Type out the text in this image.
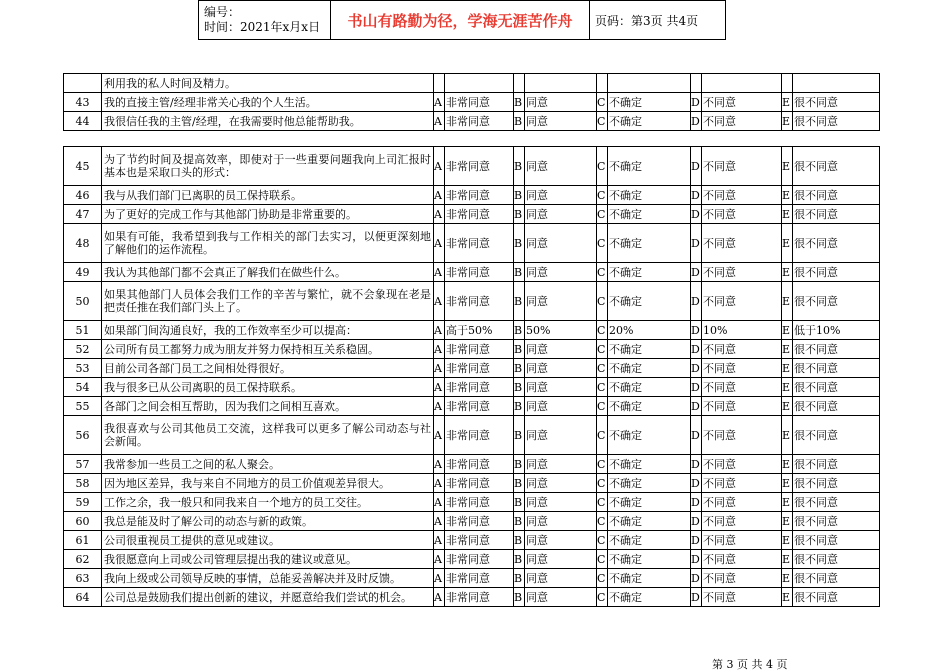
编号：
时间：2021年x月x日	书山有路勤为径，学海无涯苦作舟	页码：第3页 共4页
	利用我的私人时间及精力。										
43	我的直接主管/经理非常关心我的个人生活。	A	非常同意	B	同意	C	不确定	D	不同意	E	很不同意
44	我很信任我的主管/经理，在我需要时他总能帮助我。	A	非常同意	B	同意	C	不确定	D	不同意	E	很不同意
45	为了节约时间及提高效率，即使对于一些重要问题我向上司汇报时基本也是采取口头的形式：	A	非常同意	B	同意	C	不确定	D	不同意	E	很不同意
46	我与从我们部门已离职的员工保持联系。	A	非常同意	B	同意	C	不确定	D	不同意	E	很不同意
47	为了更好的完成工作与其他部门协助是非常重要的。	A	非常同意	B	同意	C	不确定	D	不同意	E	很不同意
48	如果有可能，我希望到我与工作相关的部门去实习，以便更深刻地了解他们的运作流程。	A	非常同意	B	同意	C	不确定	D	不同意	E	很不同意
49	我认为其他部门都不会真正了解我们在做些什么。	A	非常同意	B	同意	C	不确定	D	不同意	E	很不同意
50	如果其他部门人员体会我们工作的辛苦与繁忙，就不会象现在老是把责任推在我们部门头上了。	A	非常同意	B	同意	C	不确定	D	不同意	E	很不同意
51	如果部门间沟通良好，我的工作效率至少可以提高：	A	高于50%	B	50%	C	20%	D	10%	E	低于10%
52	公司所有员工都努力成为朋友并努力保持相互关系稳固。	A	非常同意	B	同意	C	不确定	D	不同意	E	很不同意
53	目前公司各部门员工之间相处得很好。	A	非常同意	B	同意	C	不确定	D	不同意	E	很不同意
54	我与很多已从公司离职的员工保持联系。	A	非常同意	B	同意	C	不确定	D	不同意	E	很不同意
55	各部门之间会相互帮助，因为我们之间相互喜欢。	A	非常同意	B	同意	C	不确定	D	不同意	E	很不同意
56	我很喜欢与公司其他员工交流，这样我可以更多了解公司动态与社会新闻。	A	非常同意	B	同意	C	不确定	D	不同意	E	很不同意
57	我常参加一些员工之间的私人聚会。	A	非常同意	B	同意	C	不确定	D	不同意	E	很不同意
58	因为地区差异，我与来自不同地方的员工价值观差异很大。	A	非常同意	B	同意	C	不确定	D	不同意	E	很不同意
59	工作之余，我一般只和同我来自一个地方的员工交往。	A	非常同意	B	同意	C	不确定	D	不同意	E	很不同意
60	我总是能及时了解公司的动态与新的政策。	A	非常同意	B	同意	C	不确定	D	不同意	E	很不同意
61	公司很重视员工提供的意见或建议。	A	非常同意	B	同意	C	不确定	D	不同意	E	很不同意
62	我很愿意向上司或公司管理层提出我的建议或意见。	A	非常同意	B	同意	C	不确定	D	不同意	E	很不同意
63	我向上级或公司领导反映的事情，总能妥善解决并及时反馈。	A	非常同意	B	同意	C	不确定	D	不同意	E	很不同意
64	公司总是鼓励我们提出创新的建议，并愿意给我们尝试的机会。	A	非常同意	B	同意	C	不确定	D	不同意	E	很不同意
第 3 页 共 4 页
